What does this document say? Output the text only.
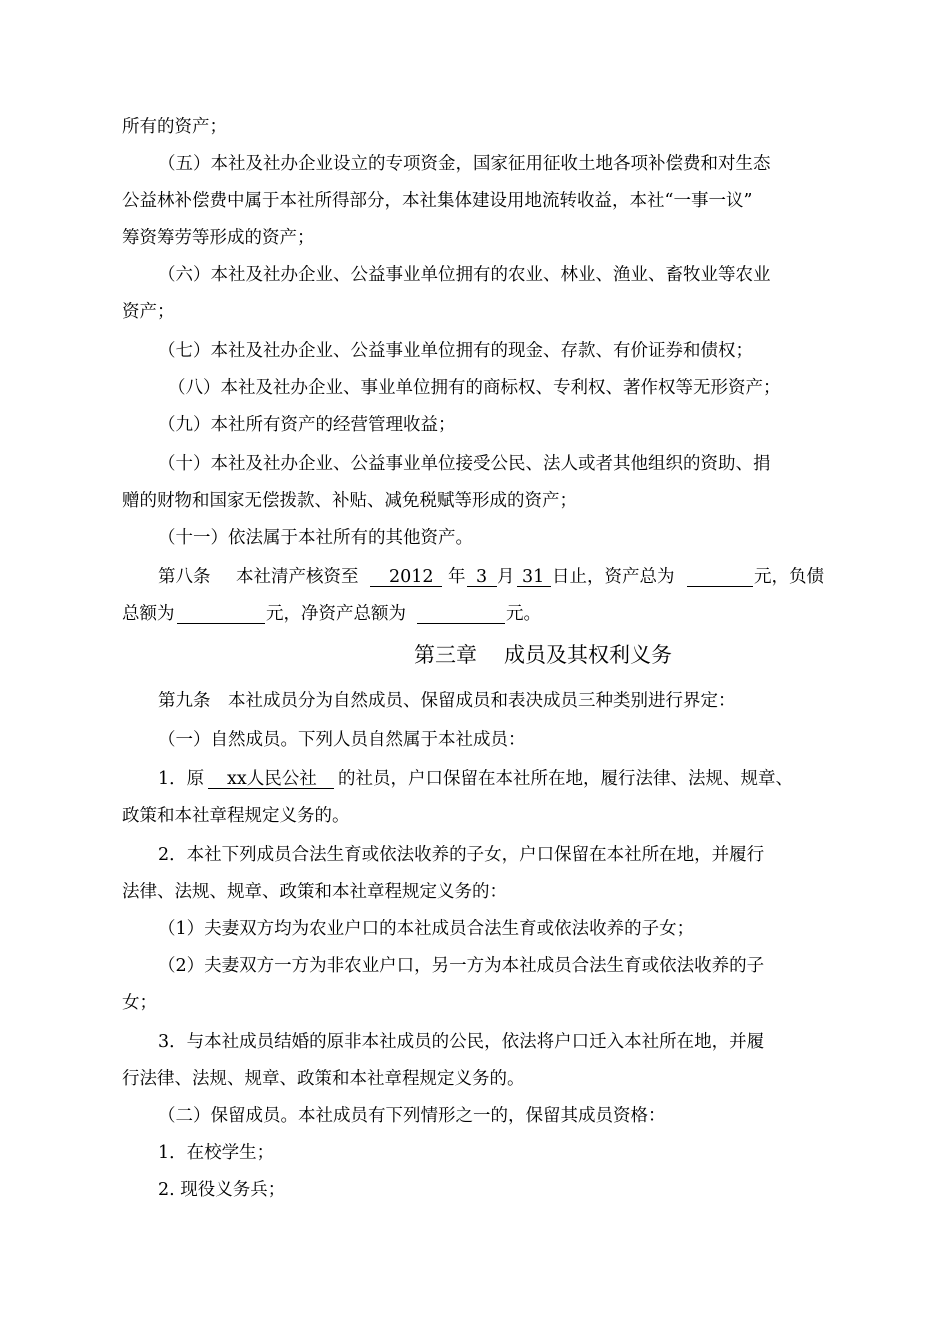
所有的资产；
（五）本社及社办企业设立的专项资金，国家征用征收土地各项补偿费和对生态
公益林补偿费中属于本社所得部分，本社集体建设用地流转收益，本社“一事一议”
筹资筹劳等形成的资产；
（六）本社及社办企业、公益事业单位拥有的农业、林业、渔业、畜牧业等农业
资产；
（七）本社及社办企业、公益事业单位拥有的现金、存款、有价证券和债权；
（八）本社及社办企业、事业单位拥有的商标权、专利权、著作权等无形资产；
（九）本社所有资产的经营管理收益；
（十）本社及社办企业、公益事业单位接受公民、法人或者其他组织的资助、捐
赠的财物和国家无偿拨款、补贴、减免税赋等形成的资产；
（十一）依法属于本社所有的其他资产。
第八条 本社清产核资至 2012 年 3 月 31 日止，资产总为	元，负债
总额为	元，净资产总额为	元。
第三章 成员及其权利义务
第九条　本社成员分为自然成员、保留成员和表决成员三种类别进行界定：
（一）自然成员。下列人员自然属于本社成员：
1．原 xx人民公社 的社员，户口保留在本社所在地，履行法律、法规、规章、
政策和本社章程规定义务的。
2．本社下列成员合法生育或依法收养的子女，户口保留在本社所在地，并履行
法律、法规、规章、政策和本社章程规定义务的：
（1）夫妻双方均为农业户口的本社成员合法生育或依法收养的子女；
（2）夫妻双方一方为非农业户口，另一方为本社成员合法生育或依法收养的子
女；
3．与本社成员结婚的原非本社成员的公民，依法将户口迁入本社所在地，并履
行法律、法规、规章、政策和本社章程规定义务的。
（二）保留成员。本社成员有下列情形之一的，保留其成员资格：
1．在校学生；
2. 现役义务兵；
